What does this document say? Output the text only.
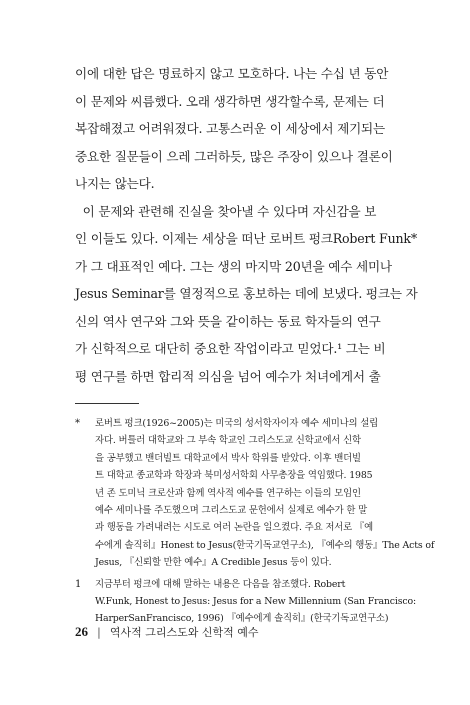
이에 대한 답은 명료하지 않고 모호하다. 나는 수십 년 동안
이 문제와 씨름했다. 오래 생각하면 생각할수록, 문제는 더
복잡해졌고 어려워졌다. 고통스러운 이 세상에서 제기되는
중요한 질문들이 으레 그러하듯, 많은 주장이 있으나 결론이
나지는 않는다.
이 문제와 관련해 진실을 찾아낼 수 있다며 자신감을 보
인 이들도 있다. 이제는 세상을 떠난 로버트 펑크Robert Funk*
가 그 대표적인 예다. 그는 생의 마지막 20년을 예수 세미나
Jesus Seminar를 열정적으로 홍보하는 데에 보냈다. 펑크는 자
신의 역사 연구와 그와 뜻을 같이하는 동료 학자들의 연구
가 신학적으로 대단히 중요한 작업이라고 믿었다.¹ 그는 비
평 연구를 하면 합리적 의심을 넘어 예수가 처녀에게서 출
* 로버트 펑크(1926~2005)는 미국의 성서학자이자 예수 세미나의 설립
자다. 버틀러 대학교와 그 부속 학교인 그리스도교 신학교에서 신학
을 공부했고 밴더빌트 대학교에서 박사 학위를 받았다. 이후 밴더빌
트 대학교 종교학과 학장과 북미성서학회 사무총장을 역임했다. 1985
년 존 도미닉 크로산과 함께 역사적 예수를 연구하는 이들의 모임인
예수 세미나를 주도했으며 그리스도교 문헌에서 실제로 예수가 한 말
과 행동을 가려내려는 시도로 여러 논란을 일으켰다. 주요 저서로 『예
수에게 솔직히』Honest to Jesus(한국기독교연구소), 『예수의 행동』The Acts of
Jesus, 『신뢰할 만한 예수』A Credible Jesus 등이 있다.
1 지금부터 펑크에 대해 말하는 내용은 다음을 참조했다. Robert
W.Funk, Honest to Jesus: Jesus for a New Millennium (San Francisco:
HarperSanFrancisco, 1996) 『예수에게 솔직히』(한국기독교연구소)
26 | 역사적 그리스도와 신학적 예수
